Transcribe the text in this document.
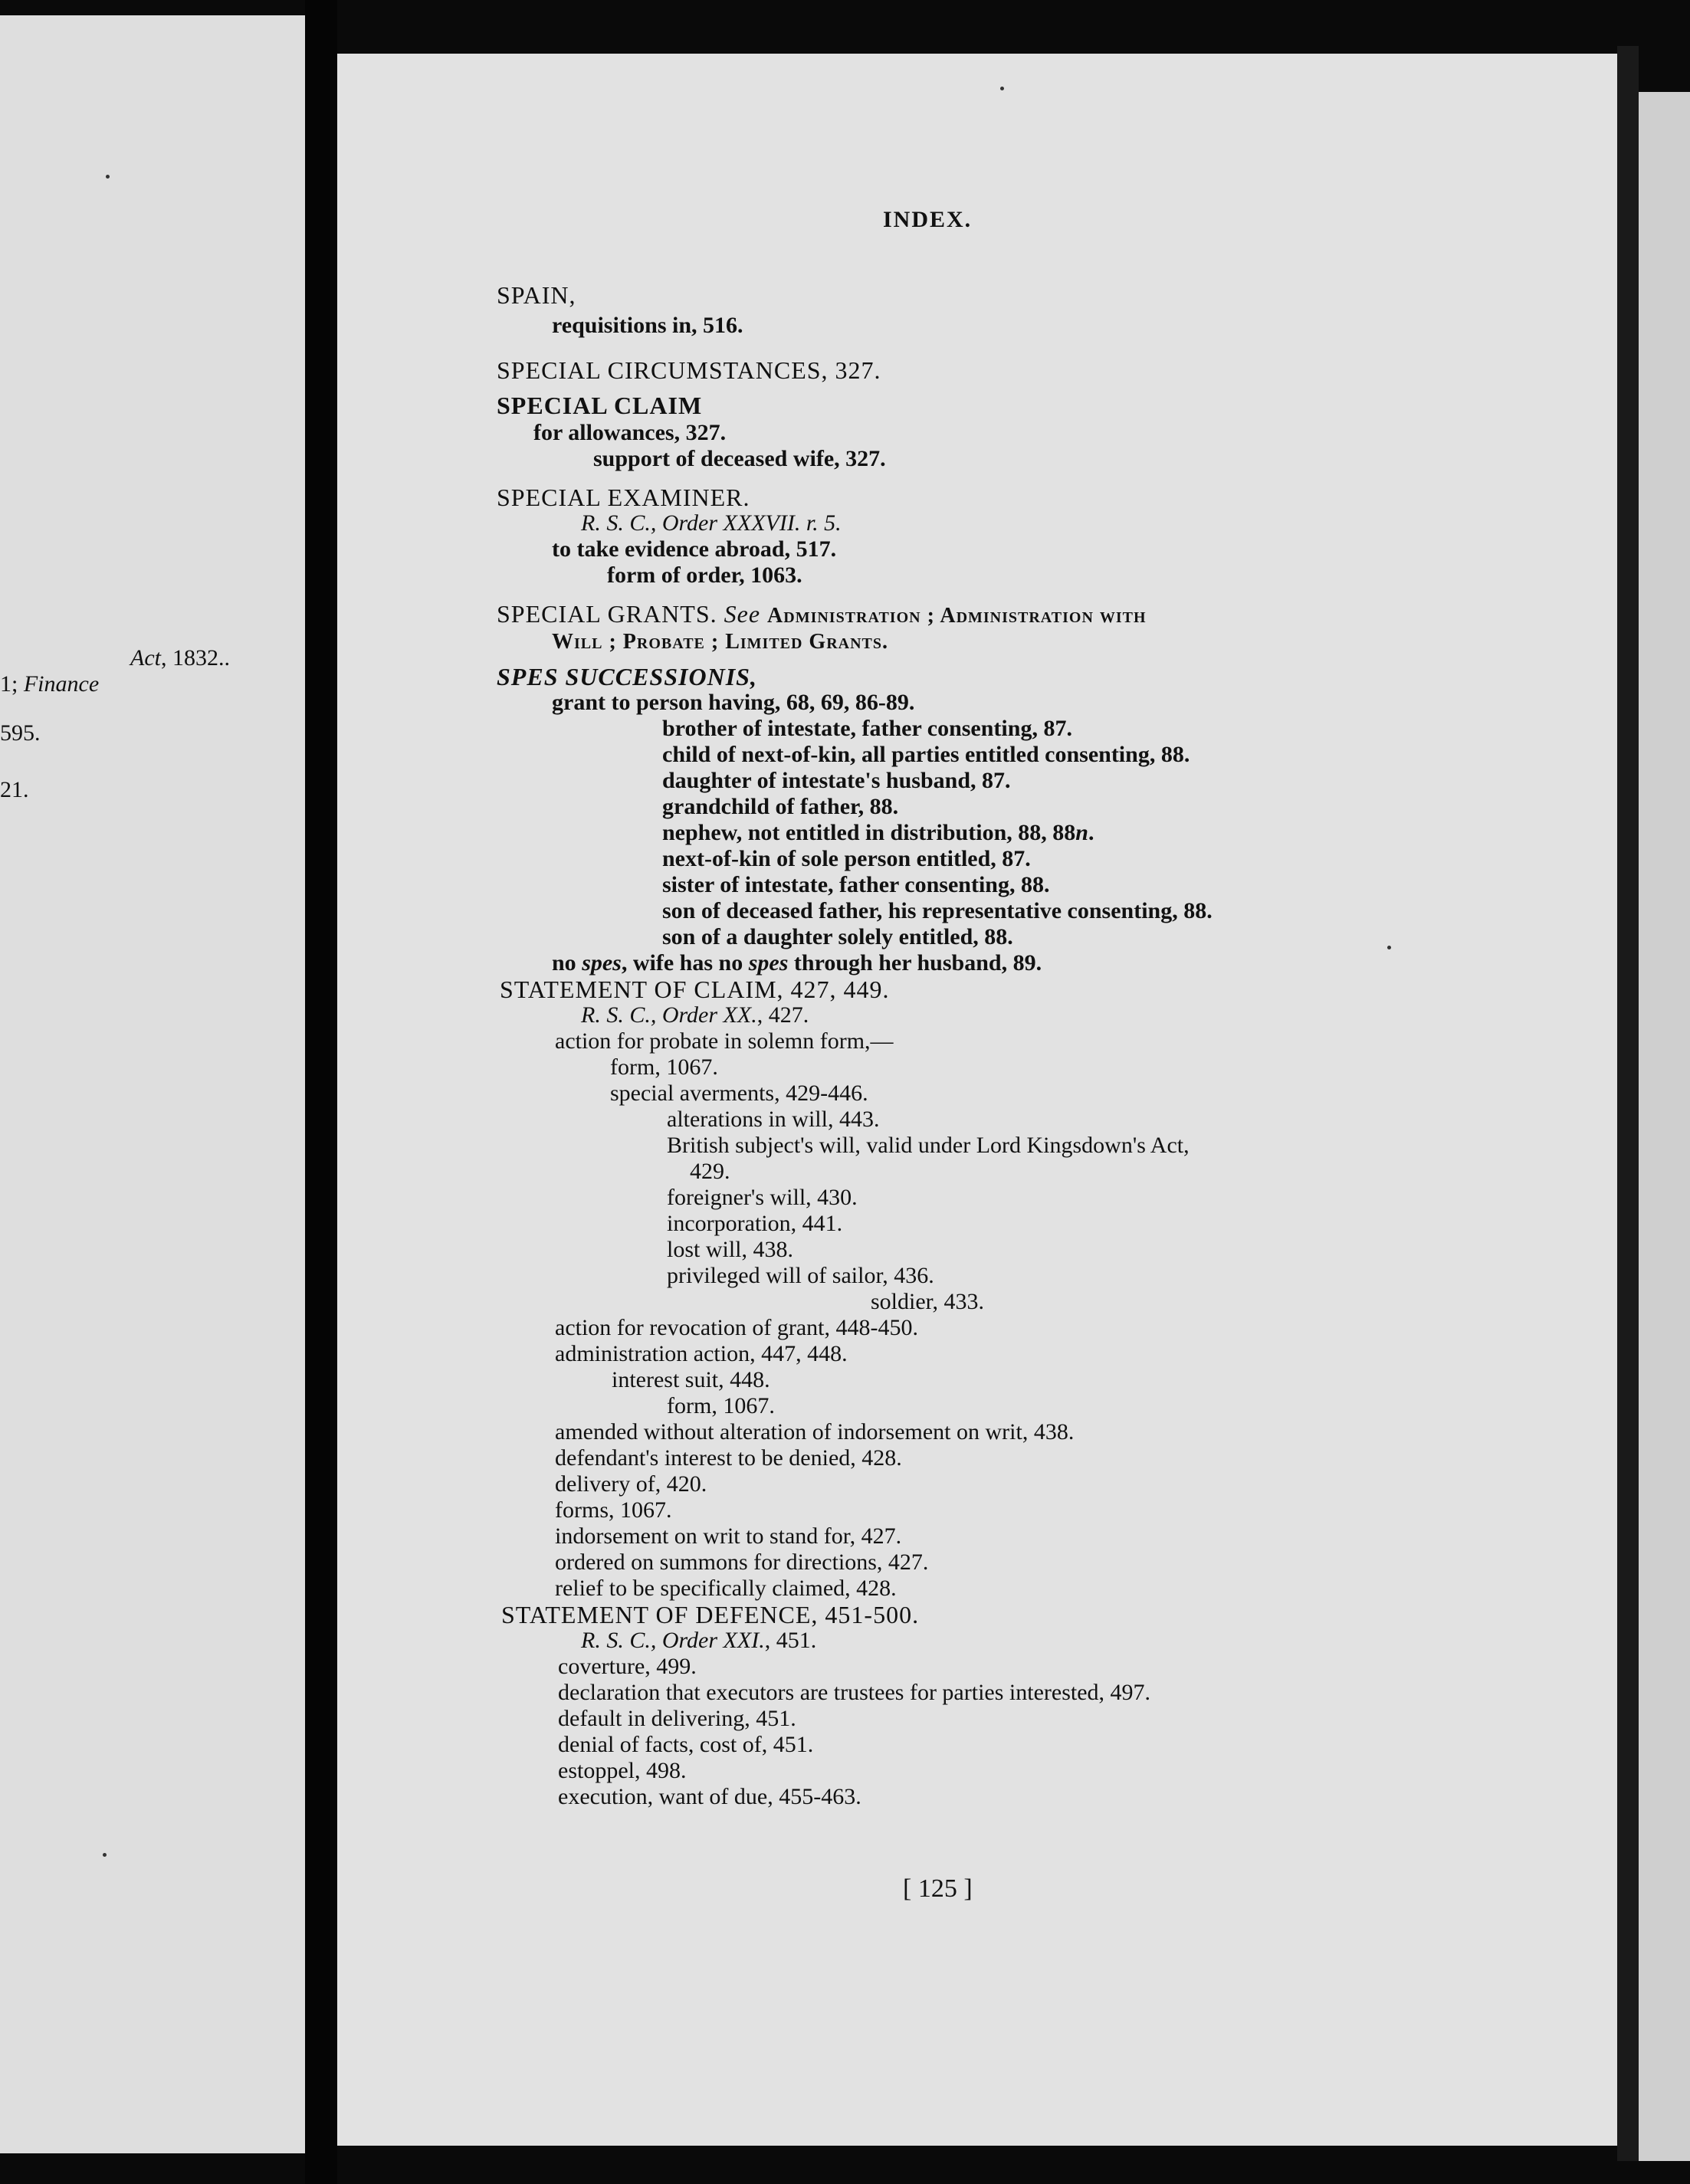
Act, 1832..
1; Finance
595.
21.
INDEX.
SPAIN,
requisitions in, 516.
SPECIAL CIRCUMSTANCES, 327.
SPECIAL CLAIM
for allowances, 327.
support of deceased wife, 327.
SPECIAL EXAMINER.
R. S. C., Order XXXVII. r. 5.
to take evidence abroad, 517.
form of order, 1063.
SPECIAL GRANTS. See Administration ; Administration with
Will ; Probate ; Limited Grants.
SPES SUCCESSIONIS,
grant to person having, 68, 69, 86-89.
brother of intestate, father consenting, 87.
child of next-of-kin, all parties entitled consenting, 88.
daughter of intestate's husband, 87.
grandchild of father, 88.
nephew, not entitled in distribution, 88, 88n.
next-of-kin of sole person entitled, 87.
sister of intestate, father consenting, 88.
son of deceased father, his representative consenting, 88.
son of a daughter solely entitled, 88.
no spes, wife has no spes through her husband, 89.
STATEMENT OF CLAIM, 427, 449.
R. S. C., Order XX., 427.
action for probate in solemn form,—
form, 1067.
special averments, 429-446.
alterations in will, 443.
British subject's will, valid under Lord Kingsdown's Act,
429.
foreigner's will, 430.
incorporation, 441.
lost will, 438.
privileged will of sailor, 436.
soldier, 433.
action for revocation of grant, 448-450.
administration action, 447, 448.
interest suit, 448.
form, 1067.
amended without alteration of indorsement on writ, 438.
defendant's interest to be denied, 428.
delivery of, 420.
forms, 1067.
indorsement on writ to stand for, 427.
ordered on summons for directions, 427.
relief to be specifically claimed, 428.
STATEMENT OF DEFENCE, 451-500.
R. S. C., Order XXI., 451.
coverture, 499.
declaration that executors are trustees for parties interested, 497.
default in delivering, 451.
denial of facts, cost of, 451.
estoppel, 498.
execution, want of due, 455-463.
[ 125 ]
